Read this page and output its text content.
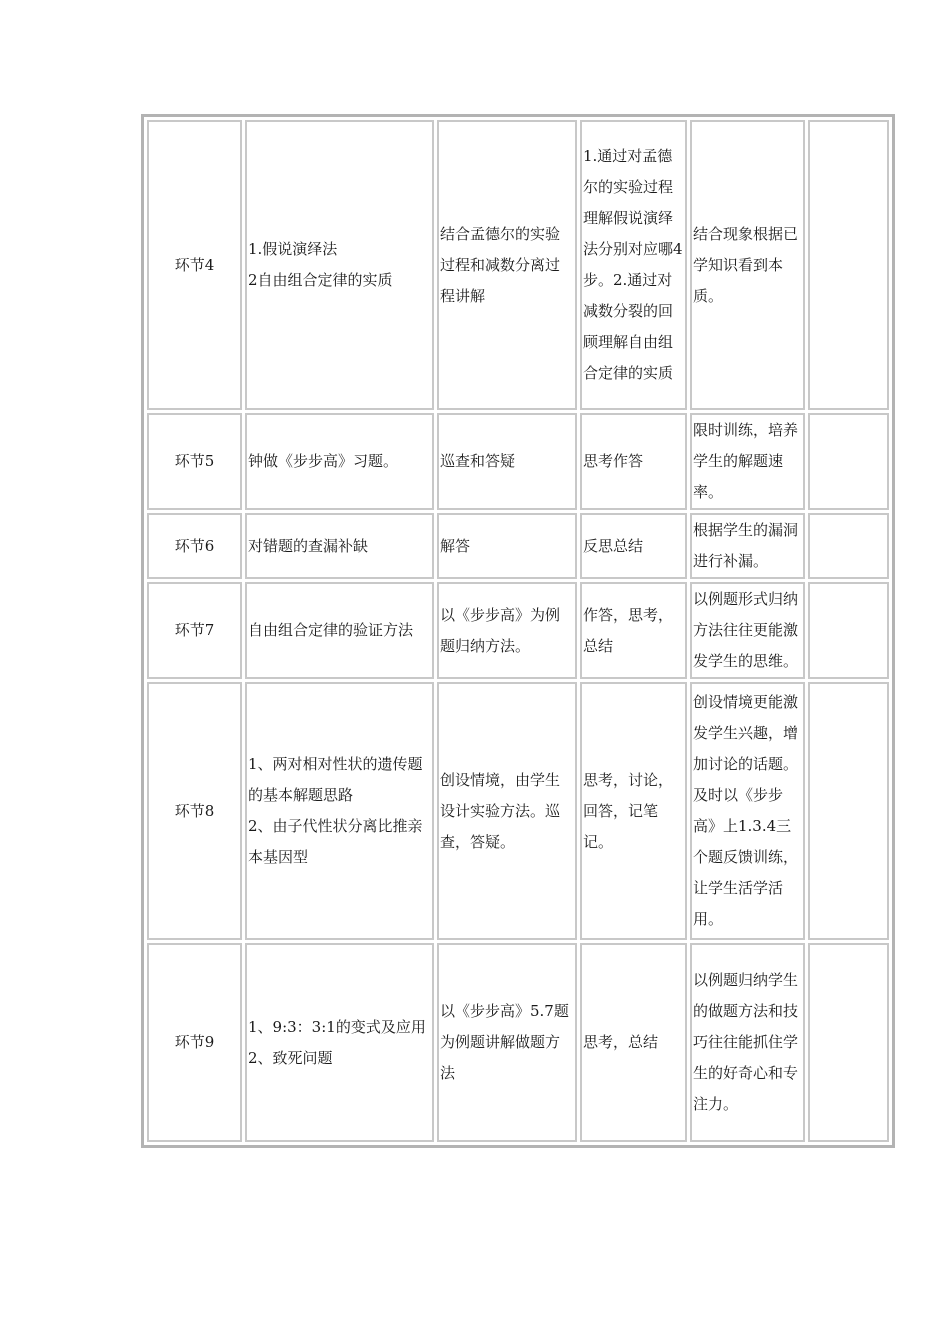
环节4	1.假说演绎法
2自由组合定律的实质	结合孟德尔的实验过程和减数分离过程讲解	1.通过对孟德尔的实验过程理解假说演绎法分别对应哪4步。2.通过对减数分裂的回顾理解自由组合定律的实质	结合现象根据已学知识看到本质。	

环节5	钟做《步步高》习题。	巡查和答疑	思考作答	限时训练，培养学生的解题速率。	

环节6	对错题的查漏补缺	解答	反思总结	根据学生的漏洞进行补漏。	

环节7	自由组合定律的验证方法	以《步步高》为例题归纳方法。	作答，思考，总结	以例题形式归纳方法往往更能激发学生的思维。	

环节8	1、两对相对性状的遗传题的基本解题思路
2、由子代性状分离比推亲本基因型	创设情境，由学生设计实验方法。巡查，答疑。	思考，讨论，回答，记笔记。	创设情境更能激发学生兴趣，增加讨论的话题。及时以《步步高》上1.3.4三个题反馈训练，让学生活学活用。	

环节9	1、9:3：3:1的变式及应用
2、致死问题	以《步步高》5.7题为例题讲解做题方法	思考，总结	以例题归纳学生的做题方法和技巧往往能抓住学生的好奇心和专注力。	
